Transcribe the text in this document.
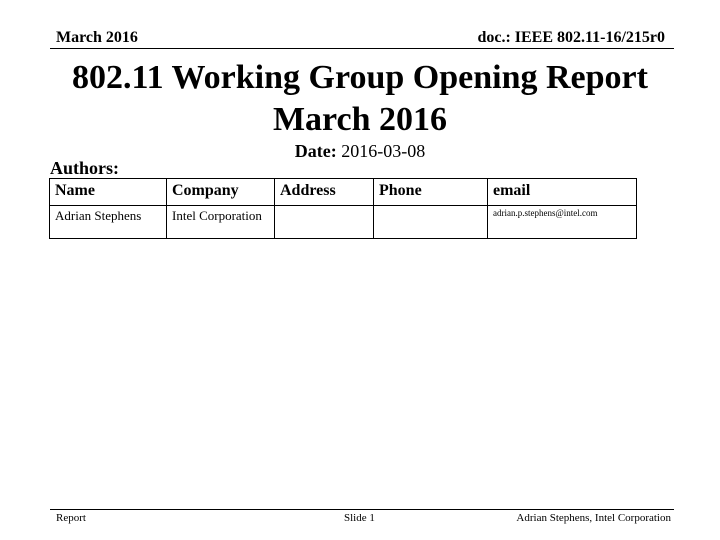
March 2016	doc.: IEEE 802.11-16/215r0
802.11 Working Group Opening Report
March 2016
Date: 2016-03-08
Authors:
Name	Company	Address	Phone	email
Adrian Stephens	Intel Corporation			adrian.p.stephens@intel.com
Report	Slide 1	Adrian Stephens, Intel Corporation
